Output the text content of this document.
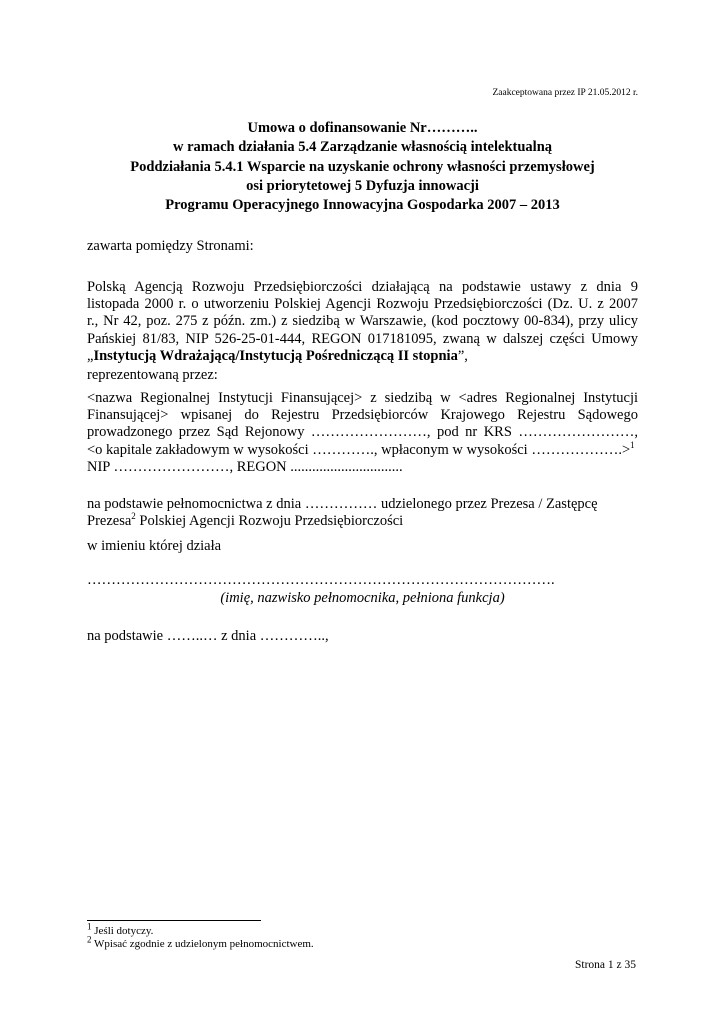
Zaakceptowana przez IP 21.05.2012 r.
Umowa o dofinansowanie Nr………..
w ramach działania 5.4 Zarządzanie własnością intelektualną
Poddziałania 5.4.1 Wsparcie na uzyskanie ochrony własności przemysłowej
osi priorytetowej 5 Dyfuzja innowacji
Programu Operacyjnego Innowacyjna Gospodarka 2007 – 2013
zawarta pomiędzy Stronami:
Polską Agencją Rozwoju Przedsiębiorczości działającą na podstawie ustawy z dnia 9
listopada 2000 r. o utworzeniu Polskiej Agencji Rozwoju Przedsiębiorczości (Dz. U. z 2007
r., Nr 42, poz. 275 z późn. zm.) z siedzibą w Warszawie, (kod pocztowy 00-834), przy ulicy
Pańskiej 81/83, NIP 526-25-01-444, REGON 017181095, zwaną w dalszej części Umowy
„Instytucją Wdrażającą/Instytucją Pośredniczącą II stopnia”,
reprezentowaną przez:
<nazwa Regionalnej Instytucji Finansującej> z siedzibą w <adres Regionalnej Instytucji
Finansującej> wpisanej do Rejestru Przedsiębiorców Krajowego Rejestru Sądowego
prowadzonego przez Sąd Rejonowy ……………………, pod nr KRS ……………………,
<o kapitale zakładowym w wysokości …………., wpłaconym w wysokości ……………….>$^1$
NIP ……………………, REGON ...............................
na podstawie pełnomocnictwa z dnia …………… udzielonego przez Prezesa / Zastępcę
Prezesa$^2$ Polskiej Agencji Rozwoju Przedsiębiorczości
w imieniu której działa
…………………………………………………………………………………….
(imię, nazwisko pełnomocnika, pełniona funkcja)
na podstawie ……..… z dnia …………..,
$^1$ Jeśli dotyczy.
$^2$ Wpisać zgodnie z udzielonym pełnomocnictwem.
Strona 1 z 35
